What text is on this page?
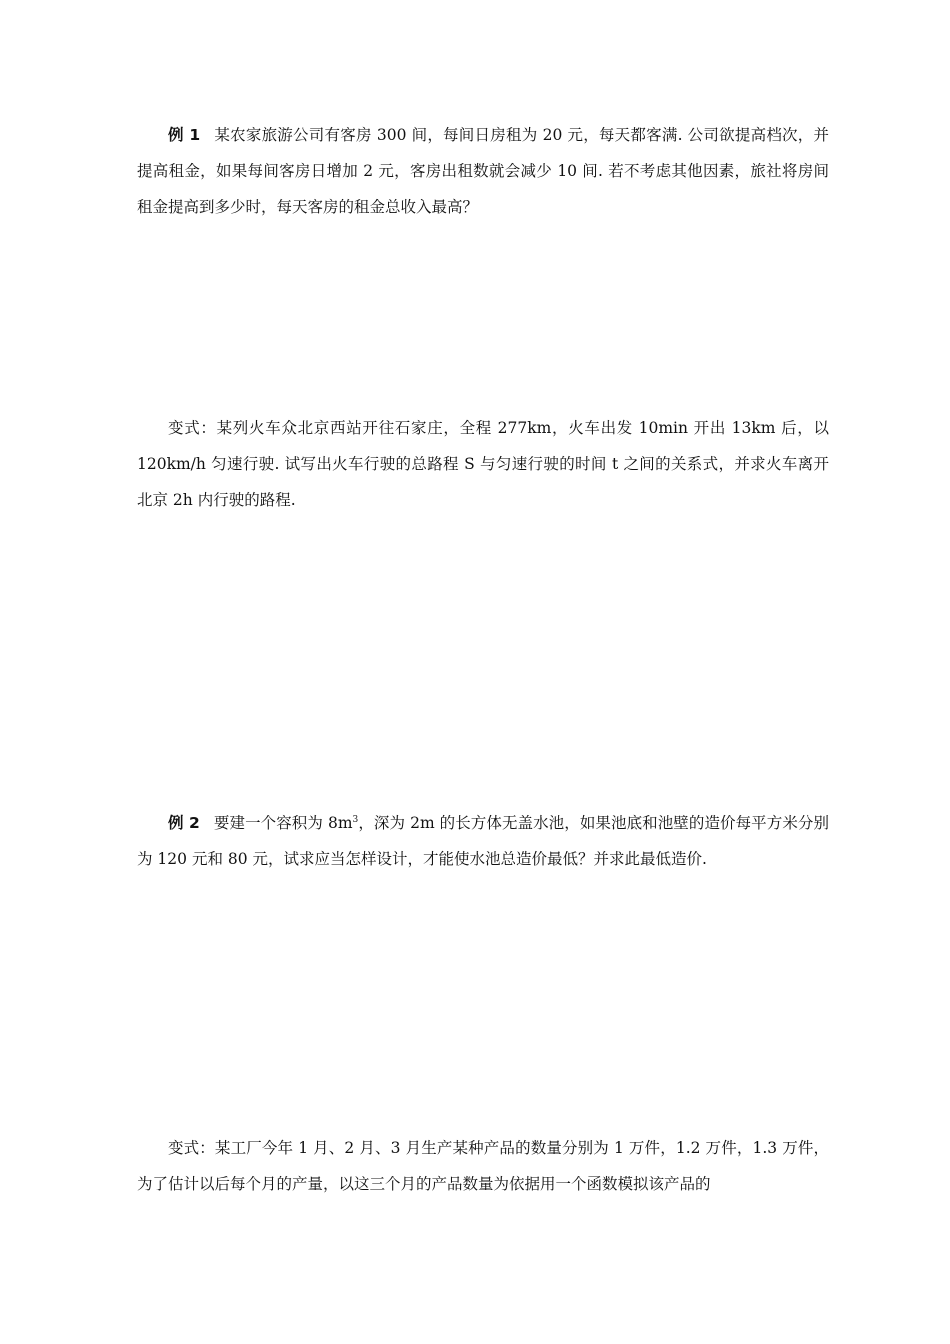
例 1 某农家旅游公司有客房 300 间，每间日房租为 20 元，每天都客满. 公司欲提高档次，并提高租金，如果每间客房日增加 2 元，客房出租数就会减少 10 间. 若不考虑其他因素，旅社将房间租金提高到多少时，每天客房的租金总收入最高？

变式：某列火车众北京西站开往石家庄，全程 277km，火车出发 10min 开出 13km 后，以 120km/h 匀速行驶. 试写出火车行驶的总路程 S 与匀速行驶的时间 t 之间的关系式，并求火车离开北京 2h 内行驶的路程.

例 2 要建一个容积为 $8m^3$，深为 2m 的长方体无盖水池，如果池底和池壁的造价每平方米分别为 120 元和 80 元，试求应当怎样设计，才能使水池总造价最低？并求此最低造价.

变式：某工厂今年 1 月、2 月、3 月生产某种产品的数量分别为 1 万件，1.2 万件，1.3 万件，为了估计以后每个月的产量，以这三个月的产品数量为依据用一个函数模拟该产品的
